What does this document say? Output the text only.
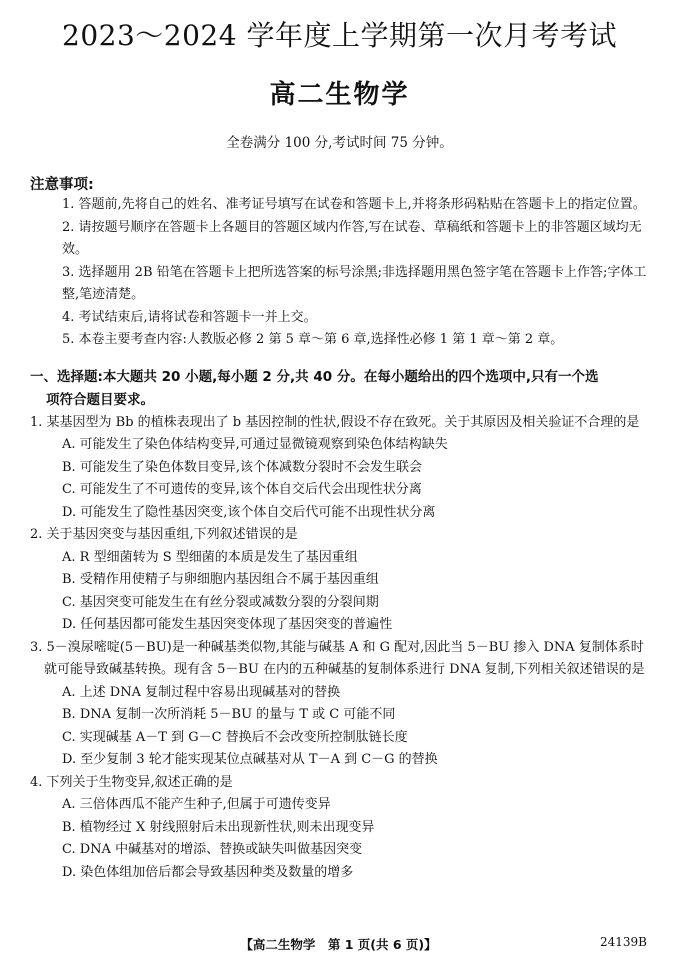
2023～2024 学年度上学期第一次月考考试
高二生物学
全卷满分 100 分,考试时间 75 分钟。
注意事项:
1. 答题前,先将自己的姓名、准考证号填写在试卷和答题卡上,并将条形码粘贴在答题卡上的指定位置。
2. 请按题号顺序在答题卡上各题目的答题区域内作答,写在试卷、草稿纸和答题卡上的非答题区域均无效。
3. 选择题用 2B 铅笔在答题卡上把所选答案的标号涂黑;非选择题用黑色签字笔在答题卡上作答;字体工整,笔迹清楚。
4. 考试结束后,请将试卷和答题卡一并上交。
5. 本卷主要考查内容:人教版必修 2 第 5 章～第 6 章,选择性必修 1 第 1 章～第 2 章。
一、选择题:本大题共 20 小题,每小题 2 分,共 40 分。在每小题给出的四个选项中,只有一个选
项符合题目要求。
1. 某基因型为 Bb 的植株表现出了 b 基因控制的性状,假设不存在致死。关于其原因及相关验证不合理的是
A. 可能发生了染色体结构变异,可通过显微镜观察到染色体结构缺失
B. 可能发生了染色体数目变异,该个体减数分裂时不会发生联会
C. 可能发生了不可遗传的变异,该个体自交后代会出现性状分离
D. 可能发生了隐性基因突变,该个体自交后代可能不出现性状分离
2. 关于基因突变与基因重组,下列叙述错误的是
A. R 型细菌转为 S 型细菌的本质是发生了基因重组
B. 受精作用使精子与卵细胞内基因组合不属于基因重组
C. 基因突变可能发生在有丝分裂或减数分裂的分裂间期
D. 任何基因都可能发生基因突变体现了基因突变的普遍性
3. 5－溴尿嘧啶(5－BU)是一种碱基类似物,其能与碱基 A 和 G 配对,因此当 5－BU 掺入 DNA 复制体系时就可能导致碱基转换。现有含 5－BU 在内的五种碱基的复制体系进行 DNA 复制,下列相关叙述错误的是
A. 上述 DNA 复制过程中容易出现碱基对的替换
B. DNA 复制一次所消耗 5－BU 的量与 T 或 C 可能不同
C. 实现碱基 A－T 到 G－C 替换后不会改变所控制肽链长度
D. 至少复制 3 轮才能实现某位点碱基对从 T－A 到 C－G 的替换
4. 下列关于生物变异,叙述正确的是
A. 三倍体西瓜不能产生种子,但属于可遗传变异
B. 植物经过 X 射线照射后未出现新性状,则未出现变异
C. DNA 中碱基对的增添、替换或缺失叫做基因突变
D. 染色体组加倍后都会导致基因种类及数量的增多
【高二生物学　第 1 页(共 6 页)】	24139B
